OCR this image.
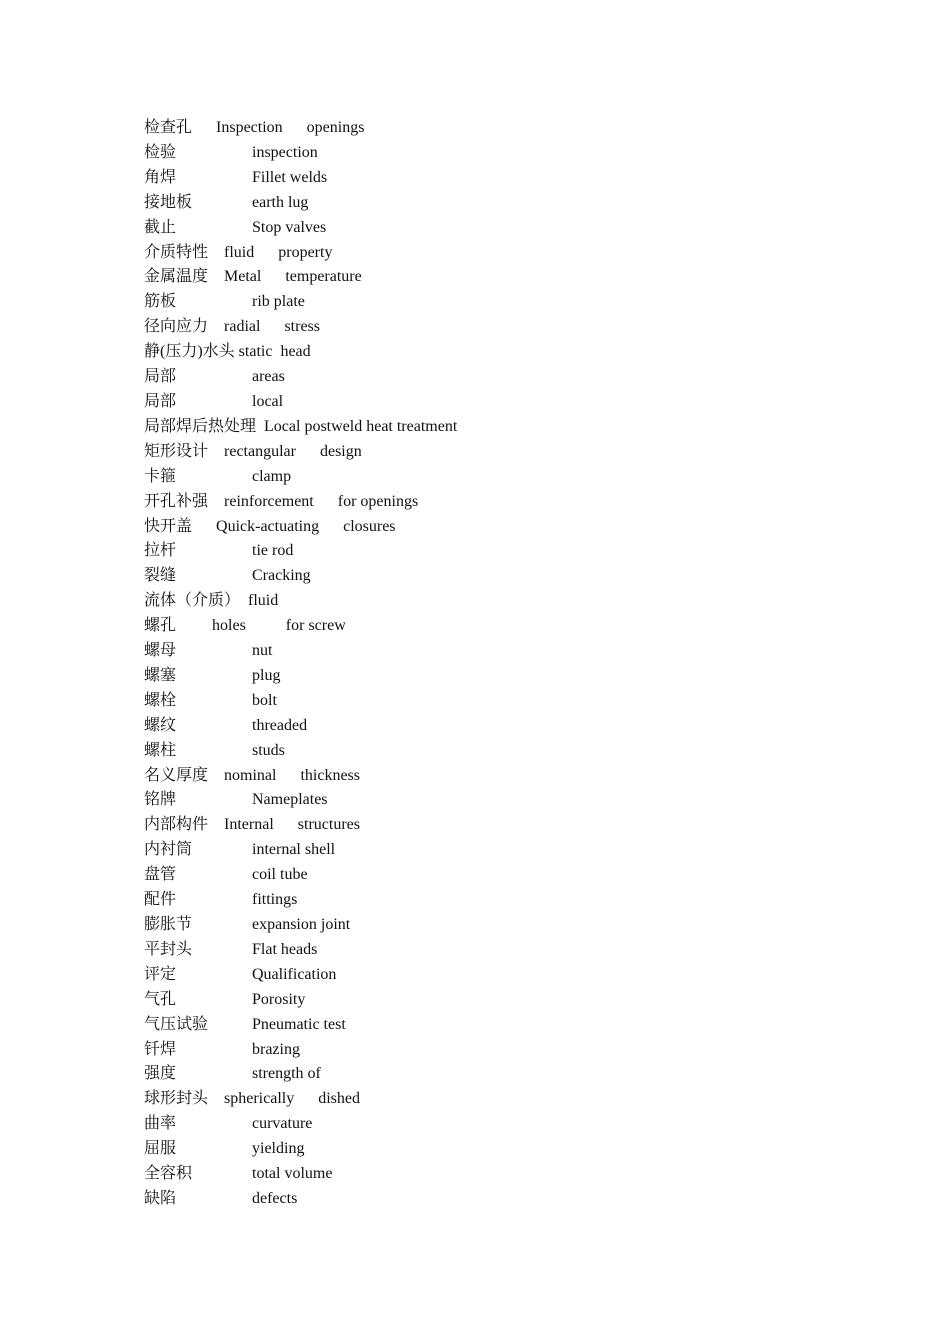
检查孔 Inspection      openings
检验	inspection
角焊	Fillet welds
接地板	earth lug
截止	Stop valves
介质特性 fluid      property
金属温度 Metal      temperature
筋板	rib plate
径向应力 radial      stress
静(压力)水头 static  head
局部	areas
局部	local
局部焊后热处理 Local postweld heat treatment
矩形设计 rectangular      design
卡箍	clamp
开孔补强 reinforcement      for openings
快开盖 Quick-actuating      closures
拉杆	tie rod
裂缝	Cracking
流体（介质） fluid
螺孔 holes          for screw
螺母	nut
螺塞	plug
螺栓	bolt
螺纹	threaded
螺柱	studs
名义厚度 nominal      thickness
铭牌	Nameplates
内部构件 Internal      structures
内衬筒	internal shell
盘管	coil tube
配件	fittings
膨胀节	expansion joint
平封头	Flat heads
评定	Qualification
气孔	Porosity
气压试验	Pneumatic test
钎焊	brazing
强度	strength of
球形封头 spherically      dished
曲率	curvature
屈服	yielding
全容积	total volume
缺陷	defects
